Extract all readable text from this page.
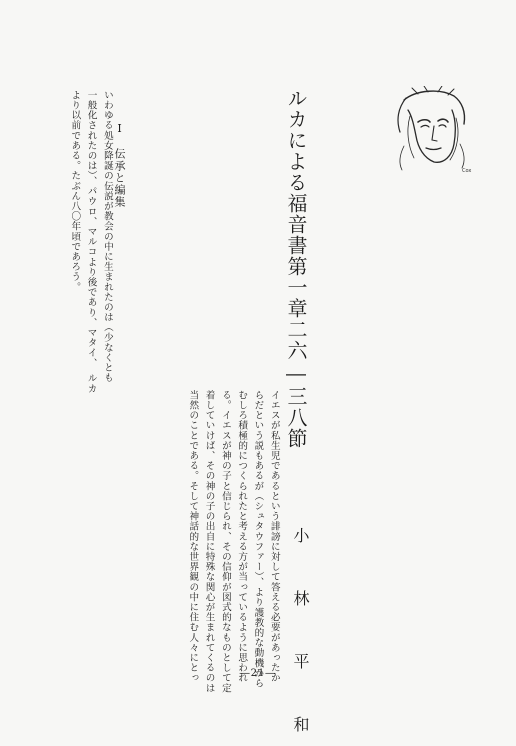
ルカによる福音書第一章二六―三八節	Cox
小 林 平 和
Ⅰ　伝承と編集
いわゆる処女降誕の伝説が教会の中に生まれたのは（少なくとも
一般化されたのは）、パウロ、マルコより後であり、マタイ、　ルカ
より以前である。たぶん八〇年頃であろう。
イエスが私生児であるという誹謗に対して答える必要があったか
らだという説もあるが（シュタウファー）、より護教的な動機から
むしろ積極的につくられたと考える方が当っているように思われ
る。イエスが神の子と信じられ、その信仰が図式的なものとして定
着していけば、その神の子の出自に特殊な関心が生まれてくるのは
当然のことである。そして神話的な世界観の中に住む人々にとっ	―21―
